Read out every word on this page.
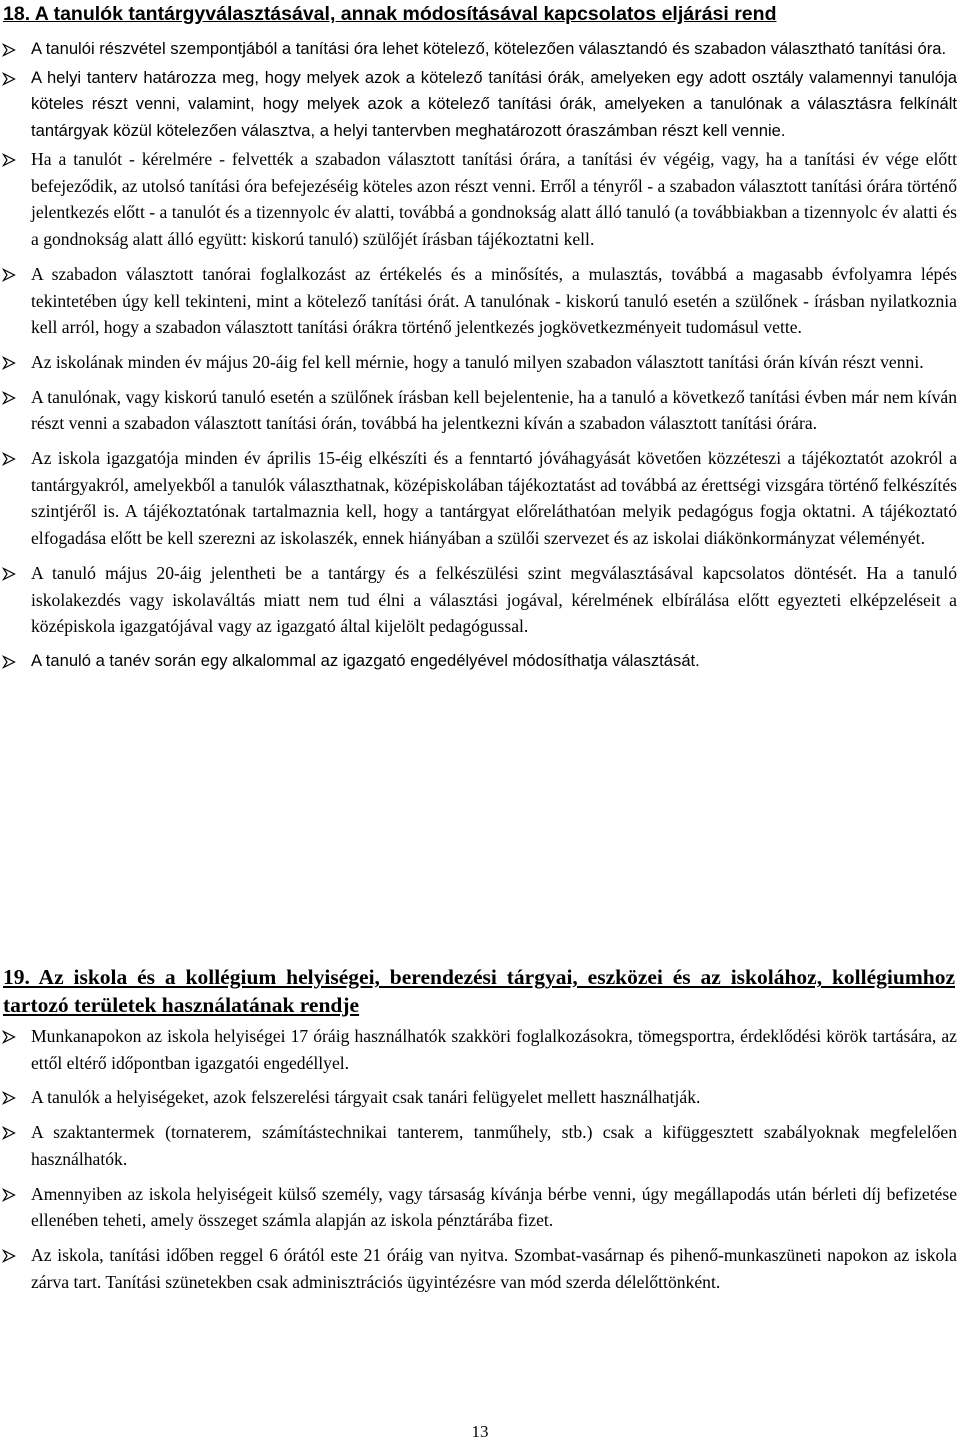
18. A tanulók tantárgyválasztásával, annak módosításával kapcsolatos eljárási rend
A tanulói részvétel szempontjából a tanítási óra lehet kötelező, kötelezően választandó és szabadon választható tanítási óra.
A helyi tanterv határozza meg, hogy melyek azok a kötelező tanítási órák, amelyeken egy adott osztály valamennyi tanulója köteles részt venni, valamint, hogy melyek azok a kötelező tanítási órák, amelyeken a tanulónak a választásra felkínált tantárgyak közül kötelezően választva, a helyi tantervben meghatározott óraszámban részt kell vennie.
Ha a tanulót - kérelmére - felvették a szabadon választott tanítási órára, a tanítási év végéig, vagy, ha a tanítási év vége előtt befejeződik, az utolsó tanítási óra befejezéséig köteles azon részt venni. Erről a tényről - a szabadon választott tanítási órára történő jelentkezés előtt - a tanulót és a tizennyolc év alatti, továbbá a gondnokság alatt álló tanuló (a továbbiakban a tizennyolc év alatti és a gondnokság alatt álló együtt: kiskorú tanuló) szülőjét írásban tájékoztatni kell.
A szabadon választott tanórai foglalkozást az értékelés és a minősítés, a mulasztás, továbbá a magasabb évfolyamra lépés tekintetében úgy kell tekinteni, mint a kötelező tanítási órát. A tanulónak - kiskorú tanuló esetén a szülőnek - írásban nyilatkoznia kell arról, hogy a szabadon választott tanítási órákra történő jelentkezés jogkövetkezményeit tudomásul vette.
Az iskolának minden év május 20-áig fel kell mérnie, hogy a tanuló milyen szabadon választott tanítási órán kíván részt venni.
A tanulónak, vagy kiskorú tanuló esetén a szülőnek írásban kell bejelentenie, ha a tanuló a következő tanítási évben már nem kíván részt venni a szabadon választott tanítási órán, továbbá ha jelentkezni kíván a szabadon választott tanítási órára.
Az iskola igazgatója minden év április 15-éig elkészíti és a fenntartó jóváhagyását követően közzéteszi a tájékoztatót azokról a tantárgyakról, amelyekből a tanulók választhatnak, középiskolában tájékoztatást ad továbbá az érettségi vizsgára történő felkészítés szintjéről is. A tájékoztatónak tartalmaznia kell, hogy a tantárgyat előreláthatóan melyik pedagógus fogja oktatni. A tájékoztató elfogadása előtt be kell szerezni az iskolaszék, ennek hiányában a szülői szervezet és az iskolai diákönkormányzat véleményét.
A tanuló május 20-áig jelentheti be a tantárgy és a felkészülési szint megválasztásával kapcsolatos döntését. Ha a tanuló iskolakezdés vagy iskolaváltás miatt nem tud élni a választási jogával, kérelmének elbírálása előtt egyezteti elképzeléseit a középiskola igazgatójával vagy az igazgató által kijelölt pedagógussal.
A tanuló a tanév során egy alkalommal az igazgató engedélyével módosíthatja választását.
19. Az iskola és a kollégium helyiségei, berendezési tárgyai, eszközei és az iskolához, kollégiumhoz tartozó területek használatának rendje
Munkanapokon az iskola helyiségei 17 óráig használhatók szakköri foglalkozásokra, tömegsportra, érdeklődési körök tartására, az ettől eltérő időpontban igazgatói engedéllyel.
A tanulók a helyiségeket, azok felszerelési tárgyait csak tanári felügyelet mellett használhatják.
A szaktantermek (tornaterem, számítástechnikai tanterem, tanműhely, stb.) csak a kifüggesztett szabályoknak megfelelően használhatók.
Amennyiben az iskola helyiségeit külső személy, vagy társaság kívánja bérbe venni, úgy megállapodás után bérleti díj befizetése ellenében teheti, amely összeget számla alapján az iskola pénztárába fizet.
Az iskola, tanítási időben reggel 6 órától este 21 óráig van nyitva. Szombat-vasárnap és pihenő-munkaszüneti napokon az iskola zárva tart. Tanítási szünetekben csak adminisztrációs ügyintézésre van mód szerda délelőttönként.
13
